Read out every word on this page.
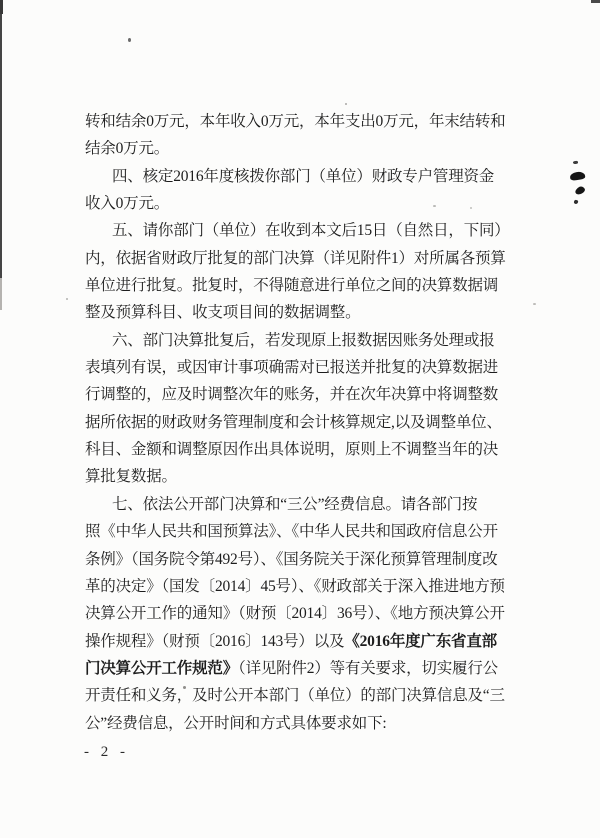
转和结余0万元，本年收入0万元，本年支出0万元，年末结转和
结余0万元。
四、核定2016年度核拨你部门（单位）财政专户管理资金
收入0万元。
五、请你部门（单位）在收到本文后15日（自然日，下同）
内，依据省财政厅批复的部门决算（详见附件1）对所属各预算
单位进行批复。批复时，不得随意进行单位之间的决算数据调
整及预算科目、收支项目间的数据调整。
六、部门决算批复后，若发现原上报数据因账务处理或报
表填列有误，或因审计事项确需对已报送并批复的决算数据进
行调整的，应及时调整次年的账务，并在次年决算中将调整数
据所依据的财政财务管理制度和会计核算规定,以及调整单位、
科目、金额和调整原因作出具体说明，原则上不调整当年的决
算批复数据。
七、依法公开部门决算和“三公”经费信息。请各部门按
照《中华人民共和国预算法》、《中华人民共和国政府信息公开
条例》（国务院令第492号）、《国务院关于深化预算管理制度改
革的决定》（国发〔2014〕45号）、《财政部关于深入推进地方预
决算公开工作的通知》（财预〔2014〕36号）、《地方预决算公开
操作规程》（财预〔2016〕143号）以及《2016年度广东省直部
门决算公开工作规范》（详见附件2）等有关要求，切实履行公
开责任和义务，及时公开本部门（单位）的部门决算信息及“三
公”经费信息，公开时间和方式具体要求如下:
- 2 -
